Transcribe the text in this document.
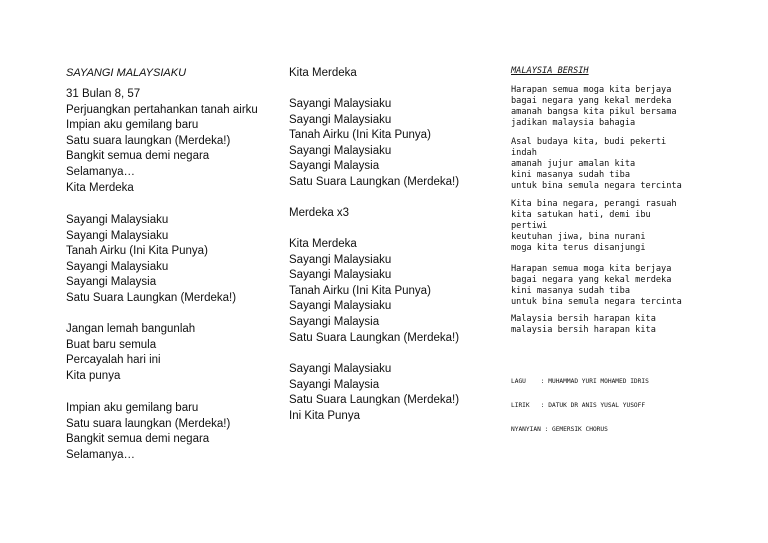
SAYANGI MALAYSIAKU
31 Bulan 8, 57
Perjuangkan pertahankan tanah airku
Impian aku gemilang baru
Satu suara laungkan (Merdeka!)
Bangkit semua demi negara
Selamanya…
Kita Merdeka
Sayangi Malaysiaku
Sayangi Malaysiaku
Tanah Airku (Ini Kita Punya)
Sayangi Malaysiaku
Sayangi Malaysia
Satu Suara Laungkan (Merdeka!)
Jangan lemah bangunlah
Buat baru semula
Percayalah hari ini
Kita punya
Impian aku gemilang baru
Satu suara laungkan (Merdeka!)
Bangkit semua demi negara
Selamanya…
Kita Merdeka
Sayangi Malaysiaku
Sayangi Malaysiaku
Tanah Airku (Ini Kita Punya)
Sayangi Malaysiaku
Sayangi Malaysia
Satu Suara Laungkan (Merdeka!)
Merdeka x3
Kita Merdeka
Sayangi Malaysiaku
Sayangi Malaysiaku
Tanah Airku (Ini Kita Punya)
Sayangi Malaysiaku
Sayangi Malaysia
Satu Suara Laungkan (Merdeka!)
Sayangi Malaysiaku
Sayangi Malaysia
Satu Suara Laungkan (Merdeka!)
Ini Kita Punya
MALAYSIA BERSIH
Harapan semua moga kita berjaya
bagai negara yang kekal merdeka
amanah bangsa kita pikul bersama
jadikan malaysia bahagia
Asal budaya kita, budi pekerti
indah
amanah jujur amalan kita
kini masanya sudah tiba
untuk bina semula negara tercinta
Kita bina negara, perangi rasuah
kita satukan hati, demi ibu
pertiwi
keutuhan jiwa, bina nurani
moga kita terus disanjungi
Harapan semua moga kita berjaya
bagai negara yang kekal merdeka
kini masanya sudah tiba
untuk bina semula negara tercinta
Malaysia bersih harapan kita
malaysia bersih harapan kita

LAGU    : MUHAMMAD YURI MOHAMED IDRIS

LIRIK   : DATUK DR ANIS YUSAL YUSOFF

NYANYIAN : GEMERSIK CHORUS
